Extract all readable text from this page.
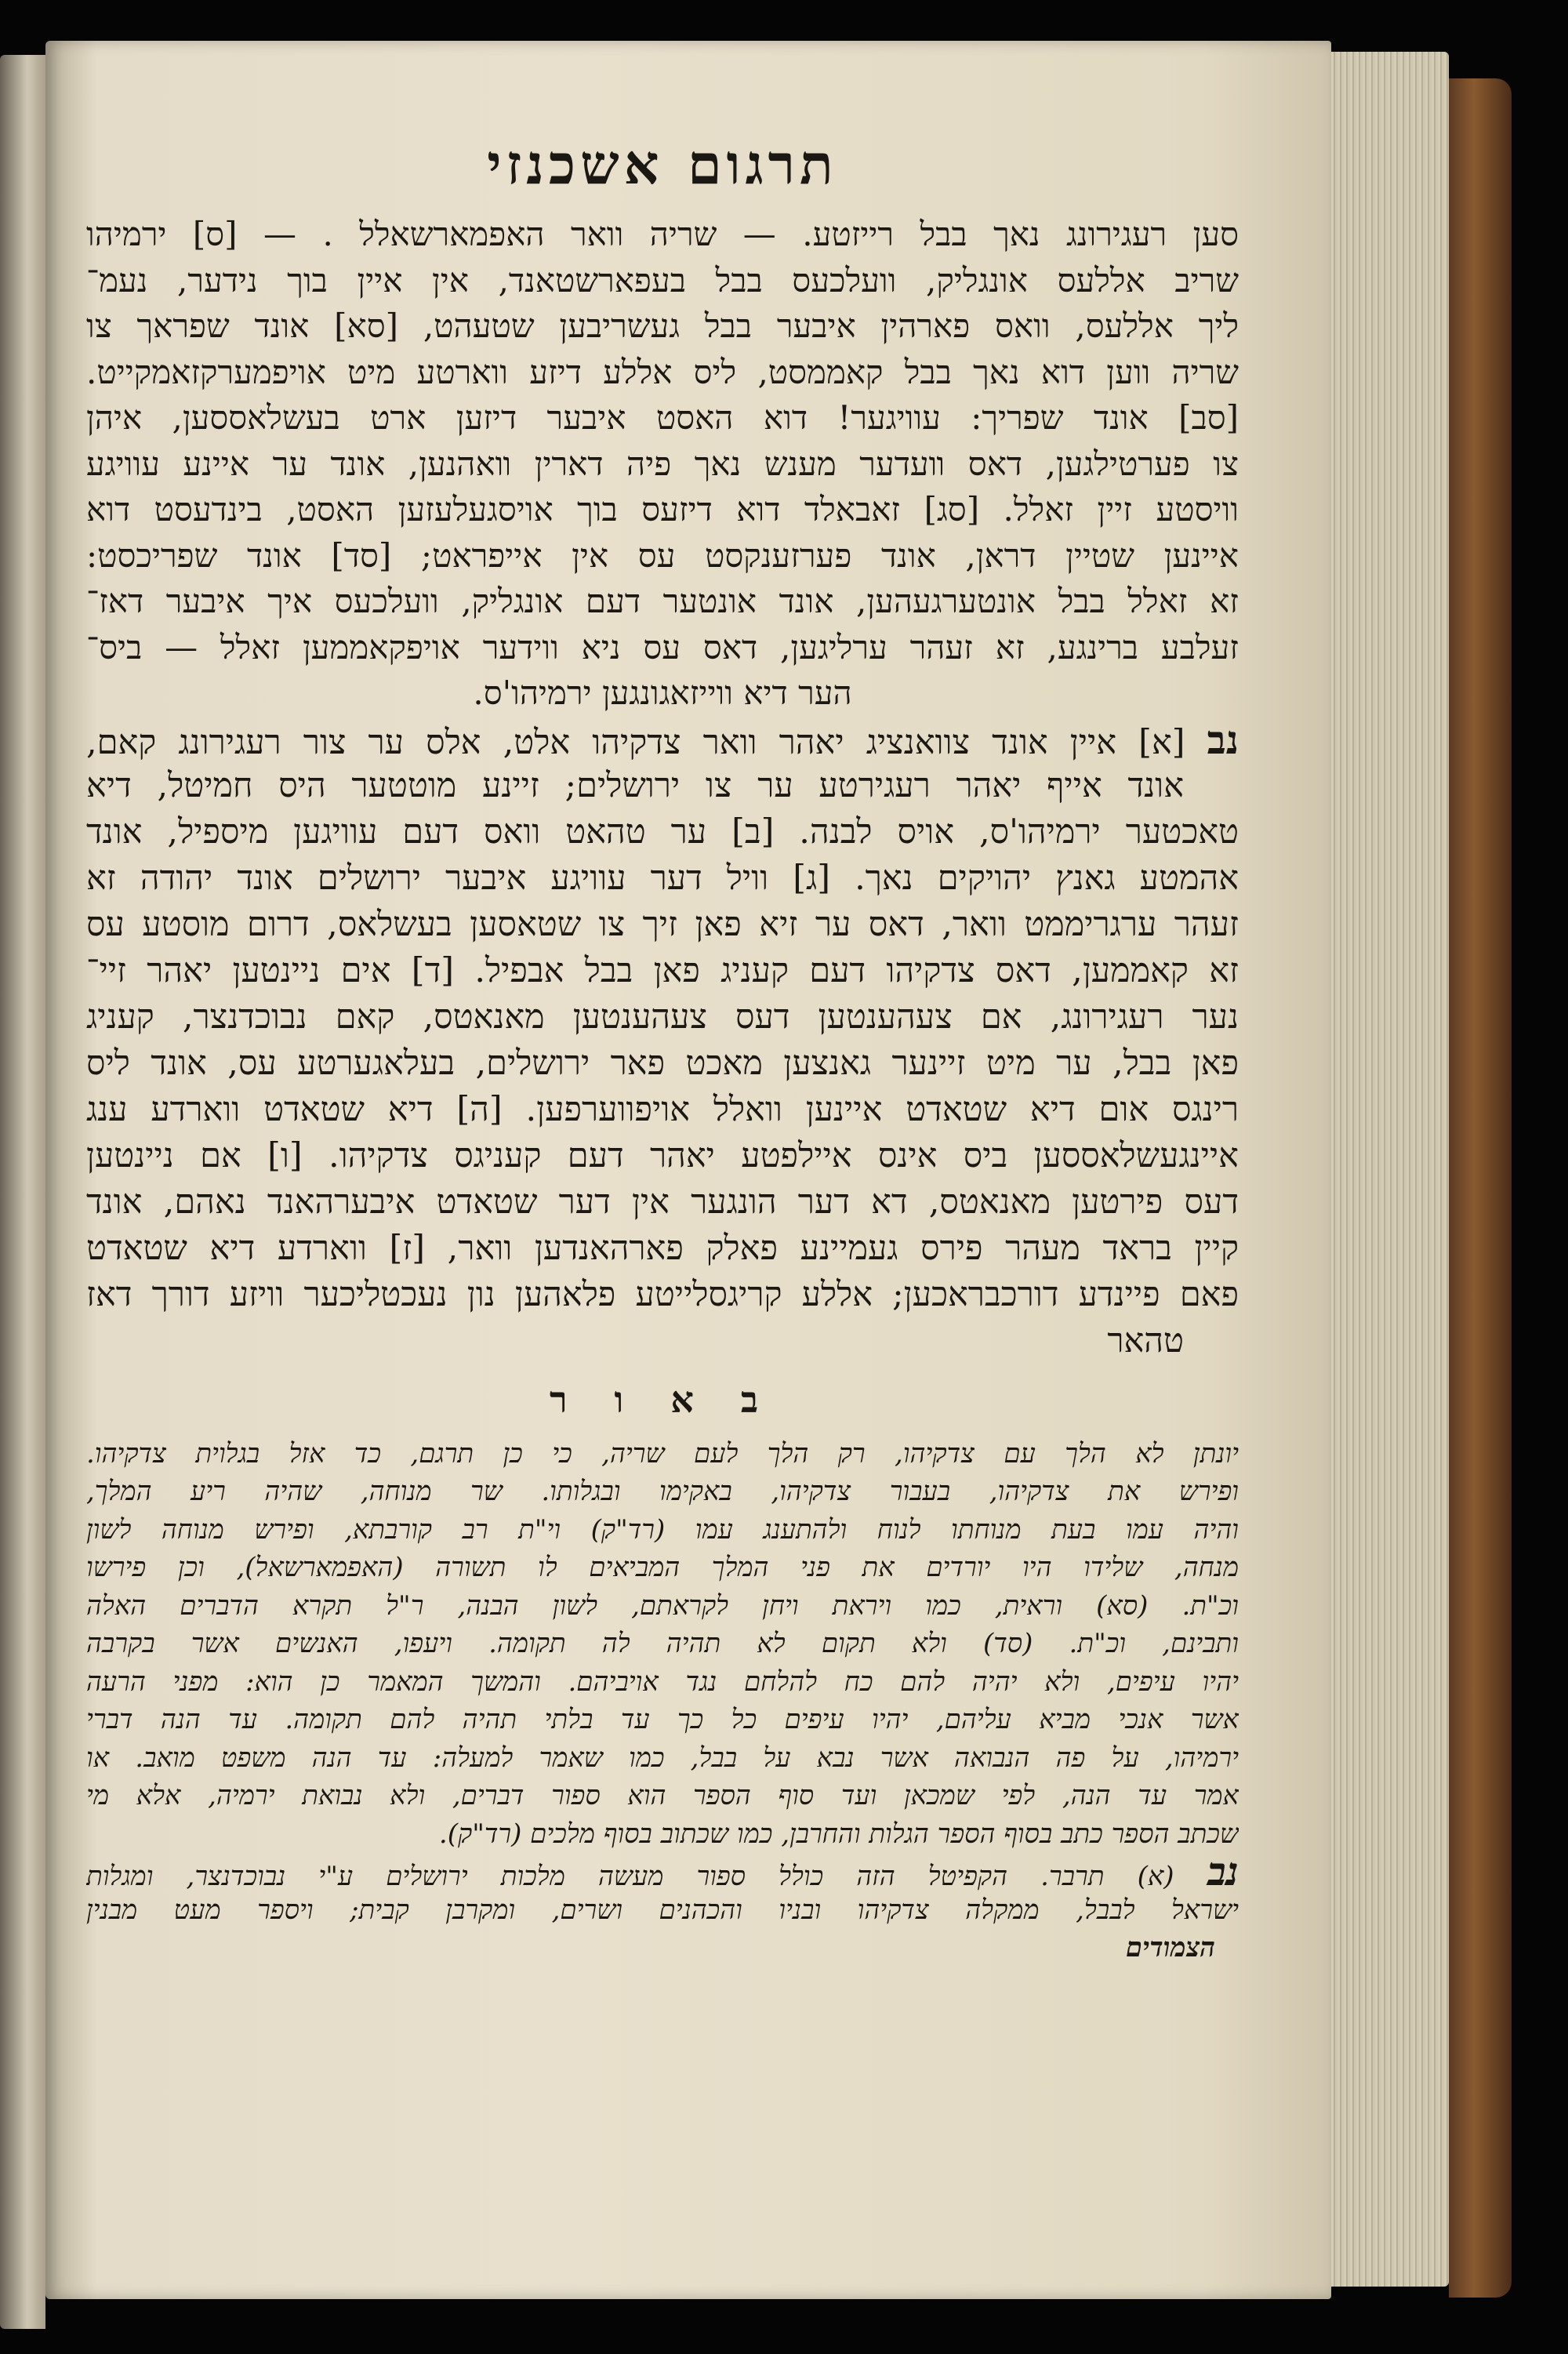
תרגום אשכנזי
סען רעגירונג נאך בבל רייזטע. — שריה וואר האפמארשאלל . — [ס] ירמיהו
שריב אללעס אונגליק, וועלכעס בבל בעפארשטאנד, אין איין בוך נידער, נעמ־
ליך אללעס, וואס פארהין איבער בבל געשריבען שטעהט, [סא] אונד שפראך צו
שריה ווען דוא נאך בבל קאממסט, ליס אללע דיזע ווארטע מיט אויפמערקזאמקייט.
[סב] אונד שפריך: עוויגער! דוא האסט איבער דיזען ארט בעשלאססען, איהן
צו פערטילגען, דאס װעדער מענש נאך פיה דארין װאהנען, אונד ער איינע עוויגע
וויסטע זיין זאלל. [סג] זאבאלד דוא דיזעס בוך אויסגעלעזען האסט, בינדעסט דוא
איינען שטיין דראן, אונד פערזענקסט עס אין אייפראט; [סד] אונד שפריכסט:
זא זאלל בבל אונטערגעהען, אונד אונטער דעם אונגליק, וועלכעס איך איבער דאז־
זעלבע ברינגע, זא זעהר ערליגען, דאס עס ניא ווידער אויפקאממען זאלל — ביס־
הער דיא ווייזאגונגען ירמיהו'ס.
נב [א] איין אונד צוואנציג יאהר וואר צדקיהו אלט, אלס ער צור רעגירונג קאם,
אונד אייף יאהר רעגירטע ער צו ירושלים; זיינע מוטטער היס חמיטל, דיא
טאכטער ירמיהו'ס, אויס לבנה. [ב] ער טהאט וואס דעם עוויגען מיספיל, אונד
אהמטע גאנץ יהויקים נאך. [ג] וויל דער עוויגע איבער ירושלים אונד יהודה זא
זעהר ערגריממט וואר, דאס ער זיא פאן זיך צו שטאסען בעשלאס, דרום מוסטע עס
זא קאממען, דאס צדקיהו דעם קעניג פאן בבל אבפיל. [ד] אים ניינטען יאהר זיי־
נער רעגירונג, אם צעהענטען דעס צעהענטען מאנאטס, קאם נבוכדנצר, קעניג
פאן בבל, ער מיט זיינער גאנצען מאכט פאר ירושלים, בעלאגערטע עס, אונד ליס
רינגס אום דיא שטאדט איינען וואלל אויפווערפען. [ה] דיא שטאדט ווארדע ענג
איינגעשלאססען ביס אינס איילפטע יאהר דעם קעניגס צדקיהו. [ו] אם ניינטען
דעס פירטען מאנאטס, דא דער הונגער אין דער שטאדט איבערהאנד נאהם, אונד
קיין בראד מעהר פירס געמיינע פאלק פארהאנדען וואר, [ז] ווארדע דיא שטאדט
פאם פיינדע דורכבראכען; אללע קריגסלייטע פלאהען נון נעכטליכער וויזע דורך דאז
טהאר
ב א ו ר
יונתן לא הלך עם צדקיהו, רק הלך לעם שריה, כי כן תרגם, כד אזל בגלוית צדקיהו.
ופירש את צדקיהו, בעבור צדקיהו, באקימו ובגלותו. שר מנוחה, שהיה ריע המלך,
והיה עמו בעת מנוחתו לנוח ולהתענג עמו (רד"ק) וי"ת רב קורבתא, ופירש מנוחה לשון
מנחה, שלידו היו יורדים את פני המלך המביאים לו תשורה (האפמארשאל), וכן פירשו
וכ"ת. (סא) וראית, כמו ויראת ויחן לקראתם, לשון הבנה, ר"ל תקרא הדברים האלה
ותבינם, וכ"ת. (סד) ולא תקום לא תהיה לה תקומה. ויעפו, האנשים אשר בקרבה
יהיו עיפים, ולא יהיה להם כח להלחם נגד אויביהם. והמשך המאמר כן הוא: מפני הרעה
אשר אנכי מביא עליהם, יהיו עיפים כל כך עד בלתי תהיה להם תקומה. עד הנה דברי
ירמיהו, על פה הנבואה אשר נבא על בבל, כמו שאמר למעלה: עד הנה משפט מואב. או
אמר עד הנה, לפי שמכאן ועד סוף הספר הוא ספור דברים, ולא נבואת ירמיה, אלא מי
שכתב הספר כתב בסוף הספר הגלות והחרבן, כמו שכתוב בסוף מלכים (רד"ק).
נב (א) תרבר. הקפיטל הזה כולל ספור מעשה מלכות ירושלים ע"י נבוכדנצר, ומגלות
ישראל לבבל, ממקלה צדקיהו ובניו והכהנים ושרים, ומקרבן קבית; ויספר מעט מבנין
הצמודים
